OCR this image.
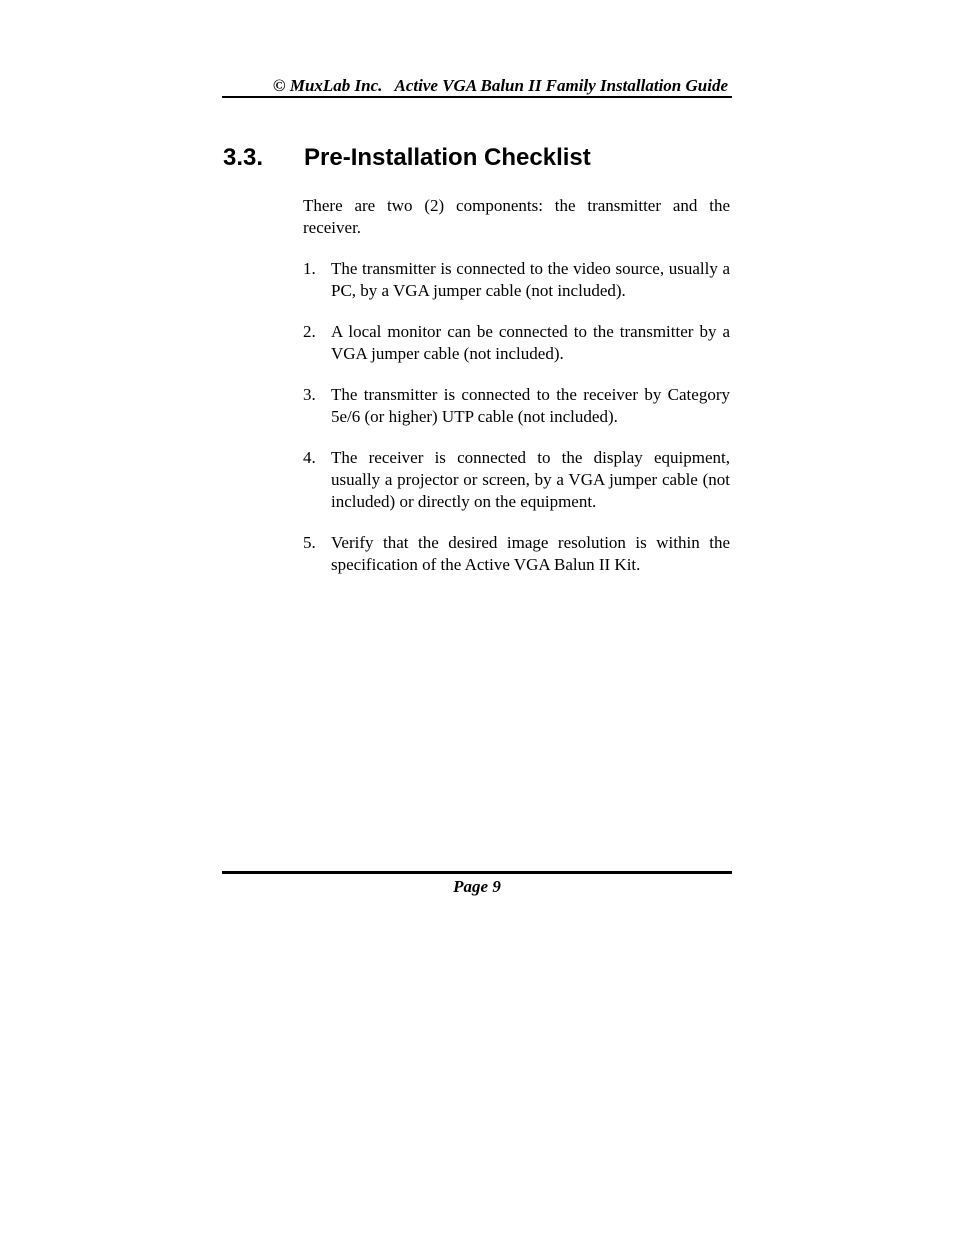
© MuxLab Inc.   Active VGA Balun II Family Installation Guide
3.3. Pre-Installation Checklist

There are two (2) components: the transmitter and the receiver.

1. The transmitter is connected to the video source, usually a PC, by a VGA jumper cable (not included).
2. A local monitor can be connected to the transmitter by a VGA jumper cable (not included).
3. The transmitter is connected to the receiver by Category 5e/6 (or higher) UTP cable (not included).
4. The receiver is connected to the display equipment, usually a projector or screen, by a VGA jumper cable (not included) or directly on the equipment.
5. Verify that the desired image resolution is within the specification of the Active VGA Balun II Kit.
Page 9
